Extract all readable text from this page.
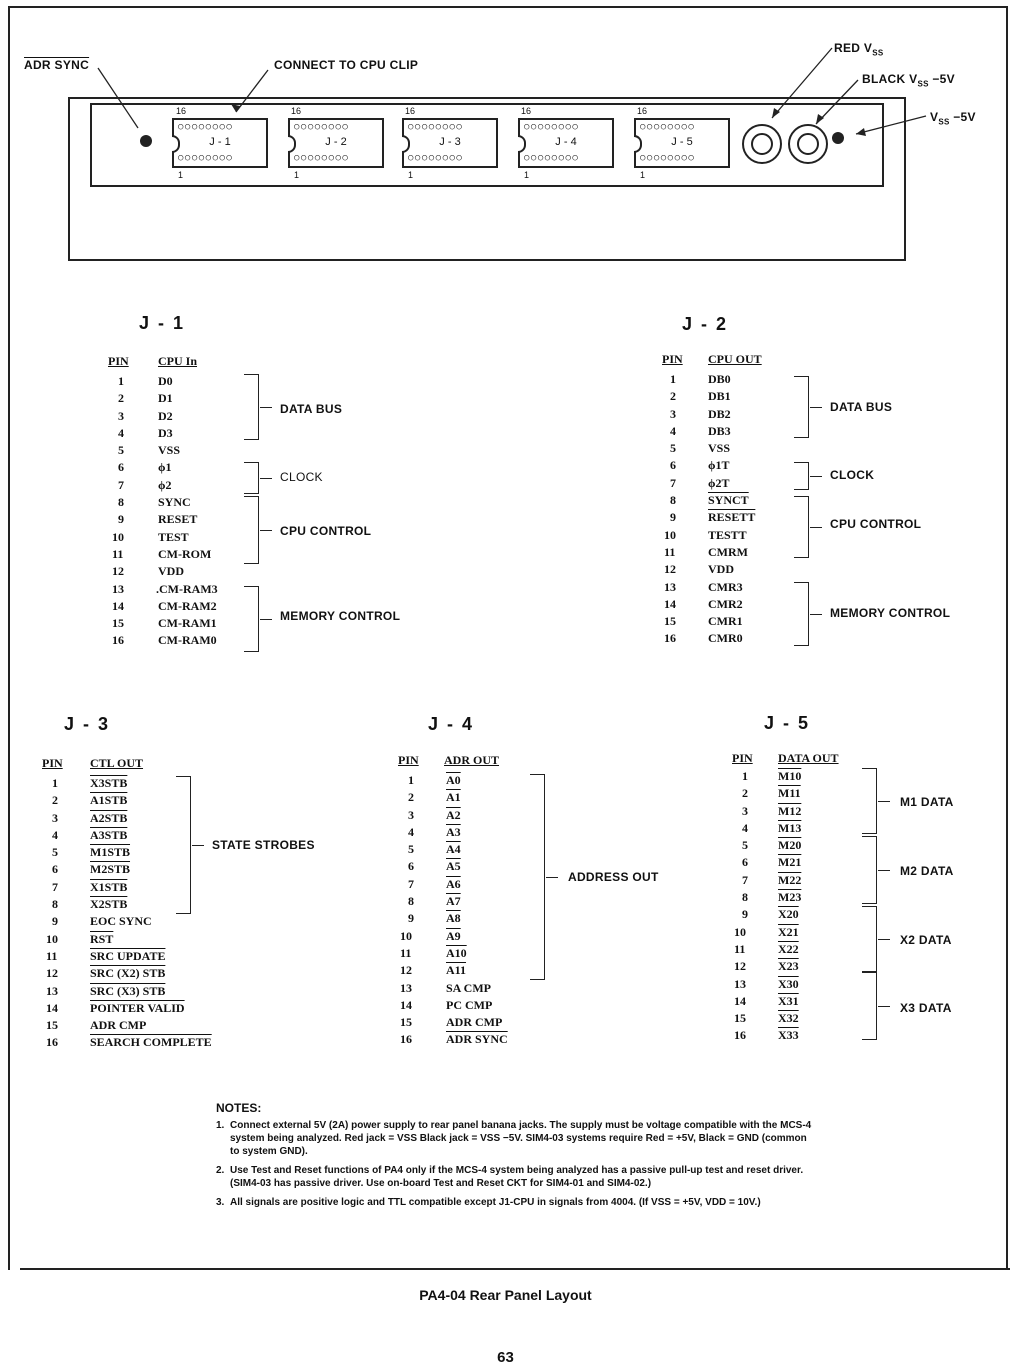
ADR SYNC	CONNECT TO CPU CLIP
RED $V_{SS}$
BLACK $V_{SS} -5V$
$V_{SS} -5V$
16
1
○○○○○○○○
J - 1
○○○○○○○○
16
1
○○○○○○○○
J - 2
○○○○○○○○
16
1
○○○○○○○○
J - 3
○○○○○○○○
16
1
○○○○○○○○
J - 4
○○○○○○○○
16
1
○○○○○○○○
J - 5
○○○○○○○○
J - 1
PIN CPU In
1	D0
2	D1
3	D2
4	D3
5	VSS
6	ϕ1
7	ϕ2
8	SYNC
9	RESET
10	TEST
11	CM-ROM
12	VDD
13	.CM-RAM3
14	CM-RAM2
15	CM-RAM1
16	CM-RAM0
DATA BUS
CLOCK
CPU CONTROL
MEMORY CONTROL
J - 2
PIN CPU OUT
1	DB0
2	DB1
3	DB2
4	DB3
5	VSS
6	ϕ1T
7	ϕ2T
8	SYNCT
9	RESETT
10	TESTT
11	CMRM
12	VDD
13	CMR3
14	CMR2
15	CMR1
16	CMR0
DATA BUS
CLOCK
CPU CONTROL
MEMORY CONTROL
J - 3
PIN CTL OUT
1	X3STB
2	A1STB
3	A2STB
4	A3STB
5	M1STB
6	M2STB
7	X1STB
8	X2STB
9	EOC SYNC
10	$\overline{RST}$
11	SRC UPDATE
12	SRC (X2) STB
13	SRC (X3) STB
14	POINTER VALID
15	ADR CMP
16	SEARCH COMPLETE
STATE STROBES
J - 4
PIN ADR OUT
1	A0
2	A1
3	A2
4	A3
5	A4
6	A5
7	A6
8	A7
9	A8
10	A9
11	A10
12	A11
13	SA CMP
14	PC CMP
15	ADR CMP
16	ADR SYNC
ADDRESS OUT
J - 5
PIN DATA OUT
1	M10
2	M11
3	M12
4	M13
5	M20
6	M21
7	M22
8	M23
9	X20
10	X21
11	X22
12	X23
13	X30
14	X31
15	X32
16	X33
M1 DATA
M2 DATA
X2 DATA
X3 DATA
NOTES:
1. Connect external 5V (2A) power supply to rear panel banana jacks. The supply must be voltage compatible with the MCS-4 system being analyzed. Red jack = VSS Black jack = VSS −5V. SIM4-03 systems require Red = +5V, Black = GND (common to system GND).
2. Use Test and Reset functions of PA4 only if the MCS-4 system being analyzed has a passive pull-up test and reset driver. (SIM4-03 has passive driver. Use on-board Test and Reset CKT for SIM4-01 and SIM4-02.)
3. All signals are positive logic and TTL compatible except J1-CPU in signals from 4004. (If VSS = +5V, VDD = 10V.)
PA4-04 Rear Panel Layout
63
